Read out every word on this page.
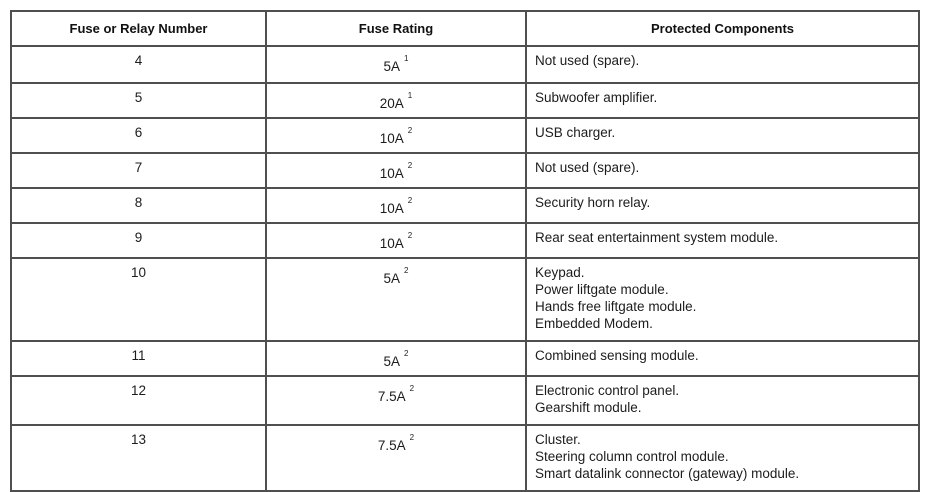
Fuse or Relay Number	Fuse Rating	Protected Components
4	$5A^1$	Not used (spare).

5	$20A^1$	Subwoofer amplifier.

6	$10A^2$	USB charger.

7	$10A^2$	Not used (spare).

8	$10A^2$	Security horn relay.

9	$10A^2$	Rear seat entertainment system module.

10	$5A^2$	Keypad.
Power liftgate module.
Hands free liftgate module.
Embedded Modem.

11	$5A^2$	Combined sensing module.

12	$7.5A^2$	Electronic control panel.
Gearshift module.

13	$7.5A^2$	Cluster.
Steering column control module.
Smart datalink connector (gateway) module.
